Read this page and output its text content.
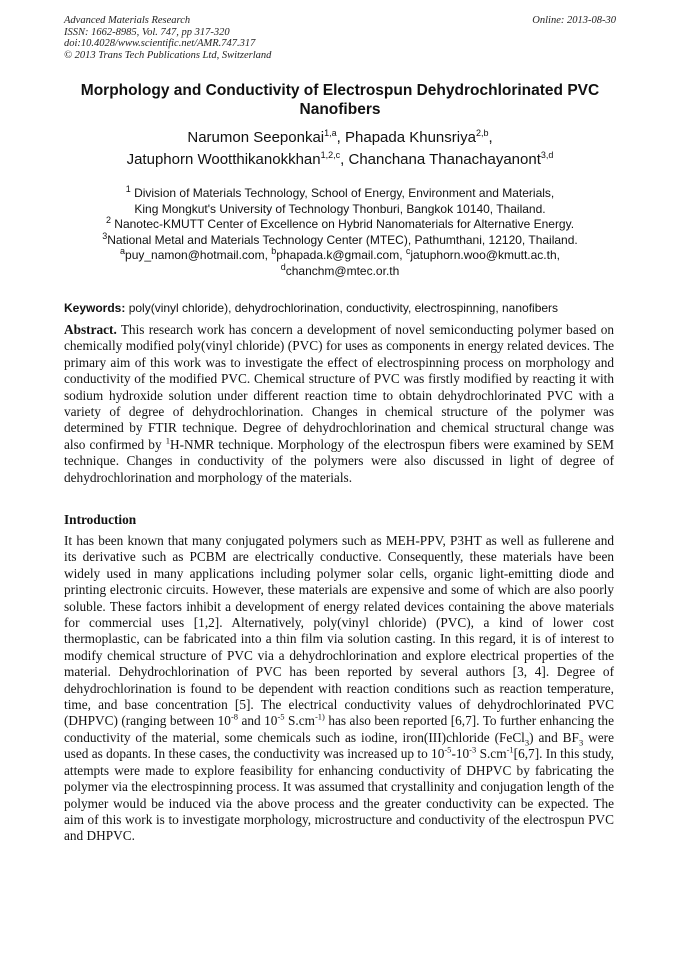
Advanced Materials Research
ISSN: 1662-8985, Vol. 747, pp 317-320
doi:10.4028/www.scientific.net/AMR.747.317
© 2013 Trans Tech Publications Ltd, Switzerland
Online: 2013-08-30
Morphology and Conductivity of Electrospun Dehydrochlorinated PVC Nanofibers
Narumon Seeponkai$^{1,a}$, Phapada Khunsriya$^{2,b}$,
Jatuphorn Wootthikanokkhan$^{1,2,c}$, Chanchana Thanachayanont$^{3,d}$
$^1$ Division of Materials Technology, School of Energy, Environment and Materials,
King Mongkut's University of Technology Thonburi, Bangkok 10140, Thailand.
$^2$ Nanotec-KMUTT Center of Excellence on Hybrid Nanomaterials for Alternative Energy.
$^3$National Metal and Materials Technology Center (MTEC), Pathumthani, 12120, Thailand.
$^a$puy_namon@hotmail.com, $^b$phapada.k@gmail.com, $^c$jatuphorn.woo@kmutt.ac.th,
$^d$chanchm@mtec.or.th
Keywords: poly(vinyl chloride), dehydrochlorination, conductivity, electrospinning, nanofibers
Abstract. This research work has concern a development of novel semiconducting polymer based on chemically modified poly(vinyl chloride) (PVC) for uses as components in energy related devices. The primary aim of this work was to investigate the effect of electrospinning process on morphology and conductivity of the modified PVC. Chemical structure of PVC was firstly modified by reacting it with sodium hydroxide solution under different reaction time to obtain dehydrochlorinated PVC with a variety of degree of dehydrochlorination. Changes in chemical structure of the polymer was determined by FTIR technique. Degree of dehydrochlorination and chemical structural change was also confirmed by $^1$H-NMR technique. Morphology of the electrospun fibers were examined by SEM technique. Changes in conductivity of the polymers were also discussed in light of degree of dehydrochlorination and morphology of the materials.
Introduction
It has been known that many conjugated polymers such as MEH-PPV, P3HT as well as fullerene and its derivative such as PCBM are electrically conductive. Consequently, these materials have been widely used in many applications including polymer solar cells, organic light-emitting diode and printing electronic circuits. However, these materials are expensive and some of which are also poorly soluble. These factors inhibit a development of energy related devices containing the above materials for commercial uses [1,2]. Alternatively, poly(vinyl chloride) (PVC), a kind of lower cost thermoplastic, can be fabricated into a thin film via solution casting. In this regard, it is of interest to modify chemical structure of PVC via a dehydrochlorination and explore electrical properties of the material. Dehydrochlorination of PVC has been reported by several authors [3, 4]. Degree of dehydrochlorination is found to be dependent with reaction conditions such as reaction temperature, time, and base concentration [5]. The electrical conductivity values of dehydrochlorinated PVC (DHPVC) (ranging between $10^{-8}$ and $10^{-5}$ $S.cm^{-1)}$ has also been reported [6,7]. To further enhancing the conductivity of the material, some chemicals such as iodine, iron(III)chloride (FeCl$_3$) and $BF_3$ were used as dopants. In these cases, the conductivity was increased up to $10^{-5}-10^{-3}$ $S.cm^{-1}[6,7]$. In this study, attempts were made to explore feasibility for enhancing conductivity of DHPVC by fabricating the polymer via the electrospinning process. It was assumed that crystallinity and conjugation length of the polymer would be induced via the above process and the greater conductivity can be expected. The aim of this work is to investigate morphology, microstructure and conductivity of the electrospun PVC and DHPVC.
